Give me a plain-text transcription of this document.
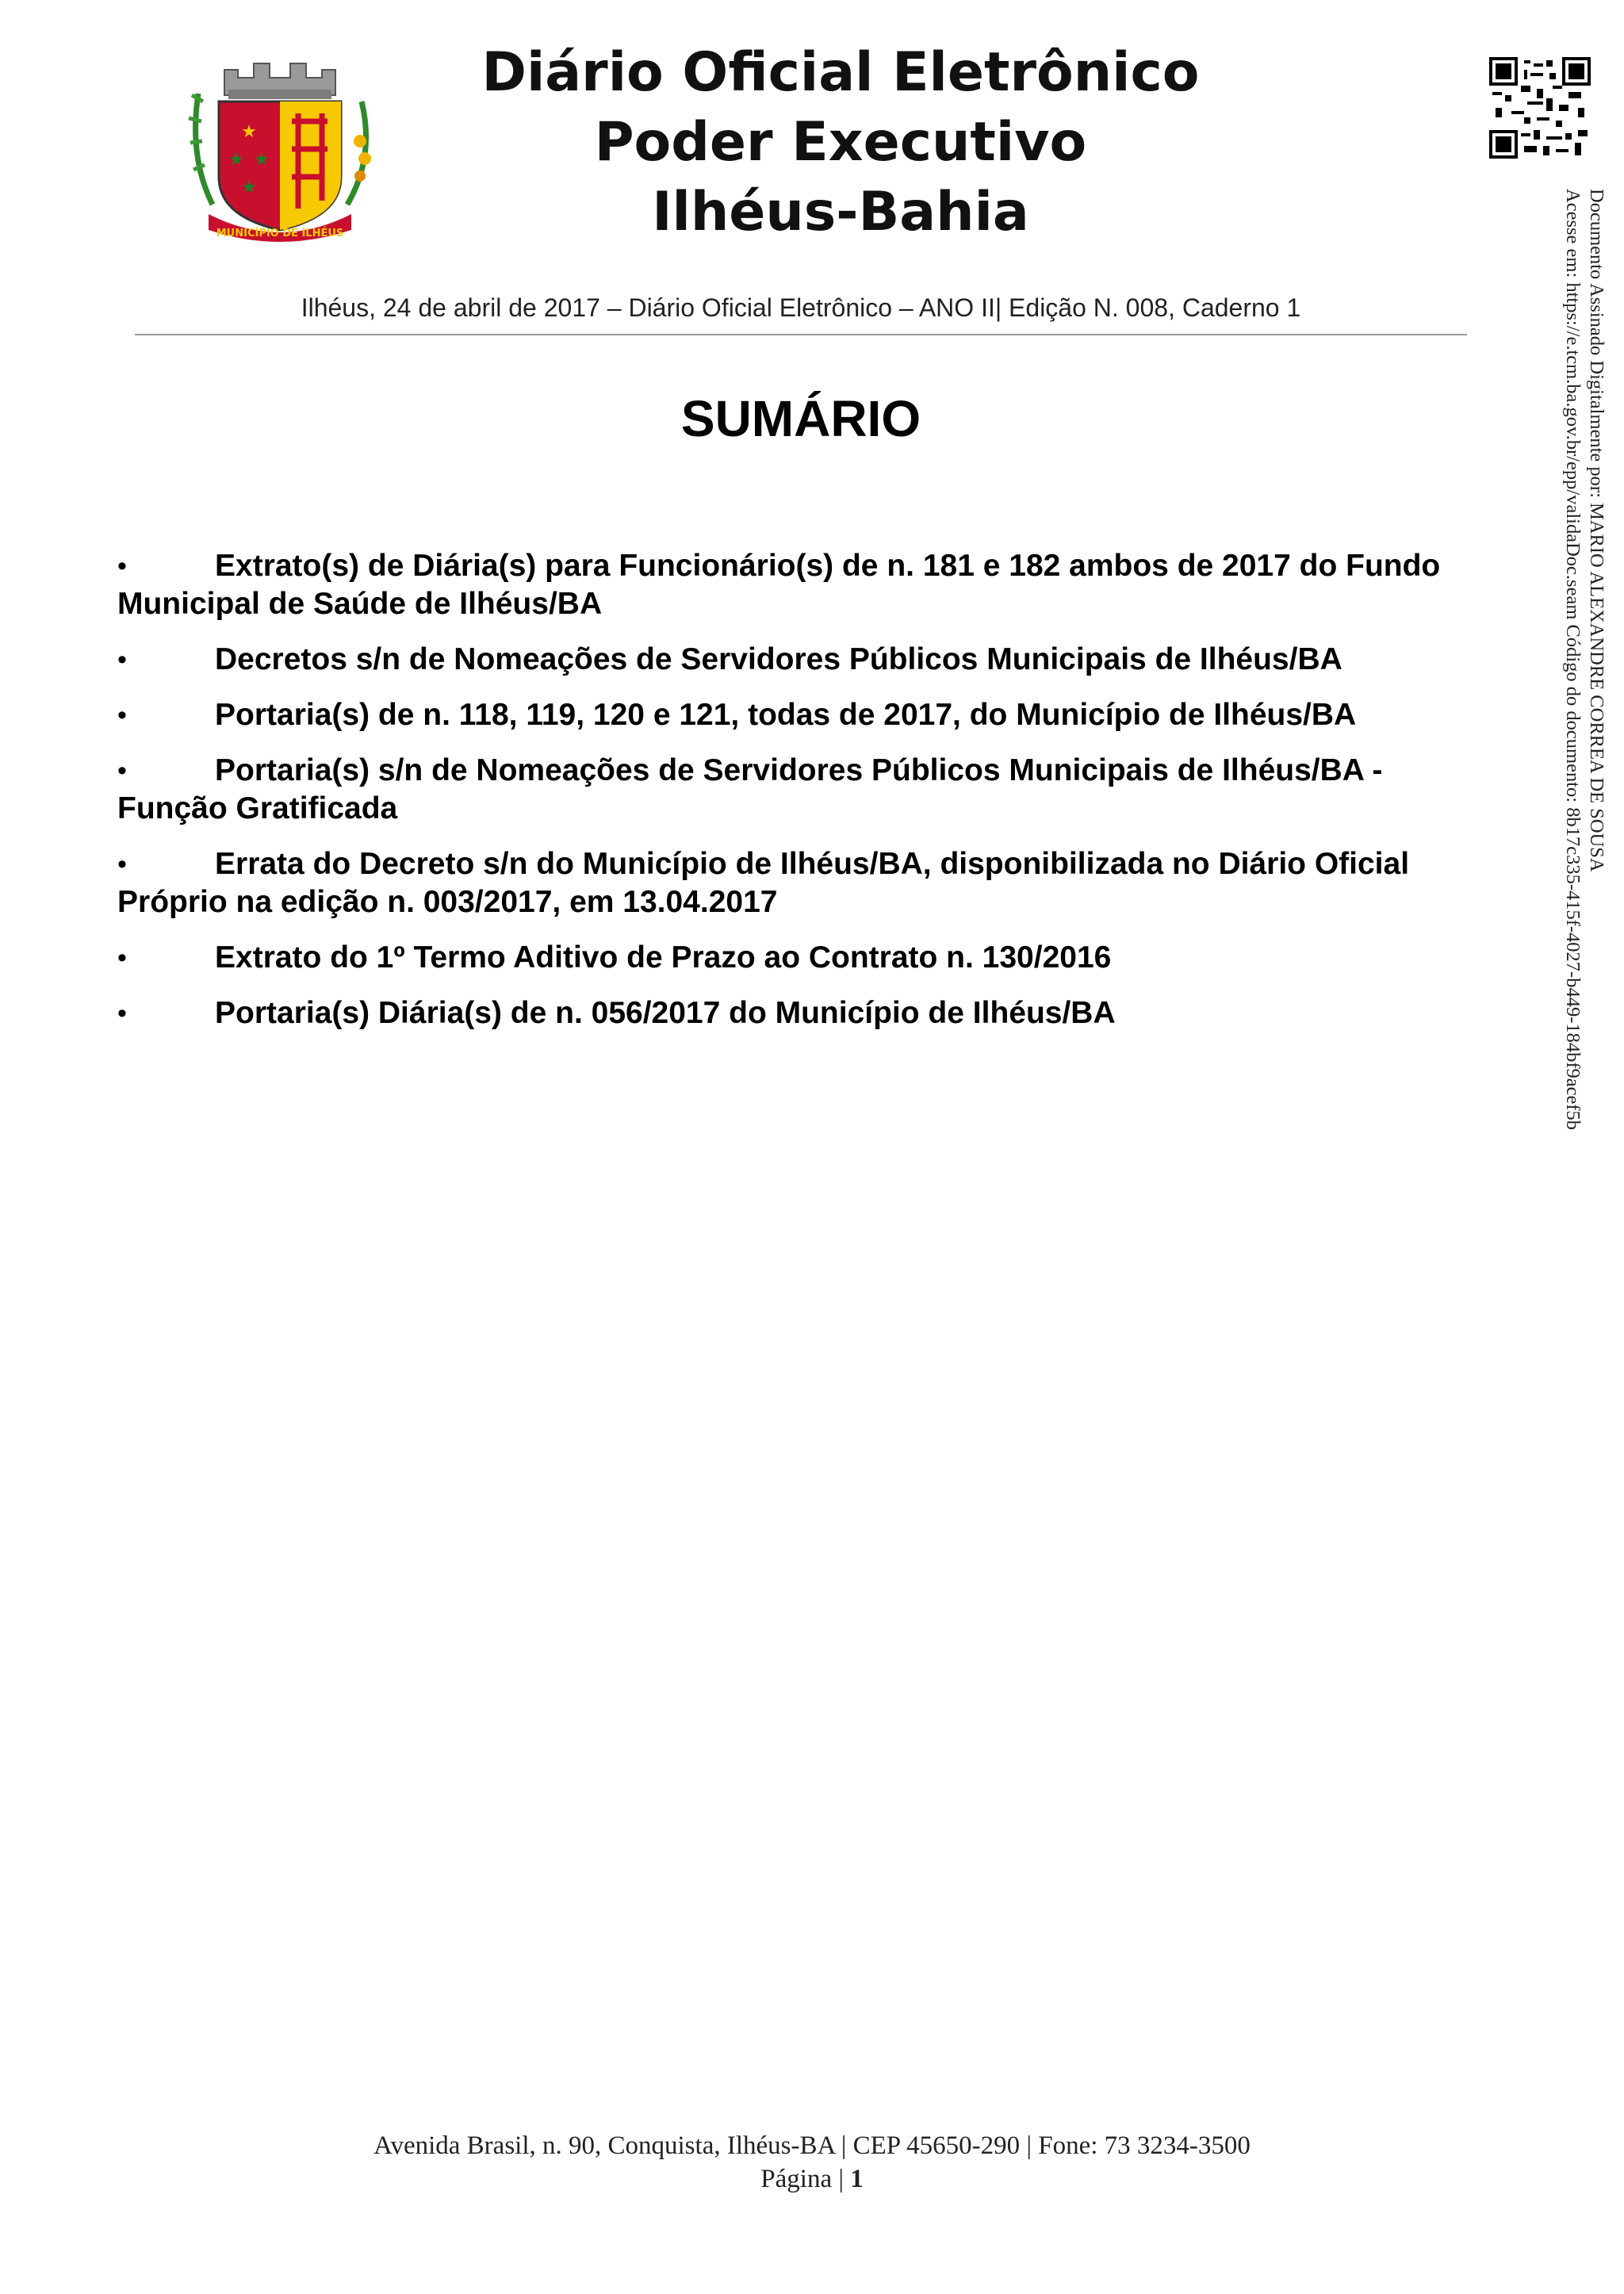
★
★ ★
★
MUNICÍPIO DE ILHÉUS
Diário Oficial Eletrônico
Poder Executivo
Ilhéus-Bahia	Documento Assinado Digitalmente por: MARIO ALEXANDRE CORREA DE SOUSA
Acesse em: https://e.tcm.ba.gov.br/epp/validaDoc.seam Código do documento: 8b17c335-415f-4027-b449-184bf9acef5b
Ilhéus, 24 de abril de 2017 – Diário Oficial Eletrônico – ANO II| Edição N. 008, Caderno 1
SUMÁRIO
•	Extrato(s) de Diária(s) para Funcionário(s) de n. 181 e 182 ambos de 2017 do Fundo Municipal de Saúde de Ilhéus/BA
•	Decretos s/n de Nomeações de Servidores Públicos Municipais de Ilhéus/BA
•	Portaria(s) de n. 118, 119, 120 e 121, todas de 2017, do Município de Ilhéus/BA
•	Portaria(s) s/n de Nomeações de Servidores Públicos Municipais de Ilhéus/BA - Função Gratificada
•	Errata do Decreto s/n do Município de Ilhéus/BA, disponibilizada no Diário Oficial Próprio na edição n. 003/2017, em 13.04.2017
•	Extrato do 1º Termo Aditivo de Prazo ao Contrato n. 130/2016
•	Portaria(s) Diária(s) de n. 056/2017 do Município de Ilhéus/BA
Avenida Brasil, n. 90, Conquista, Ilhéus-BA | CEP 45650-290 | Fone: 73 3234-3500
Página | 1
